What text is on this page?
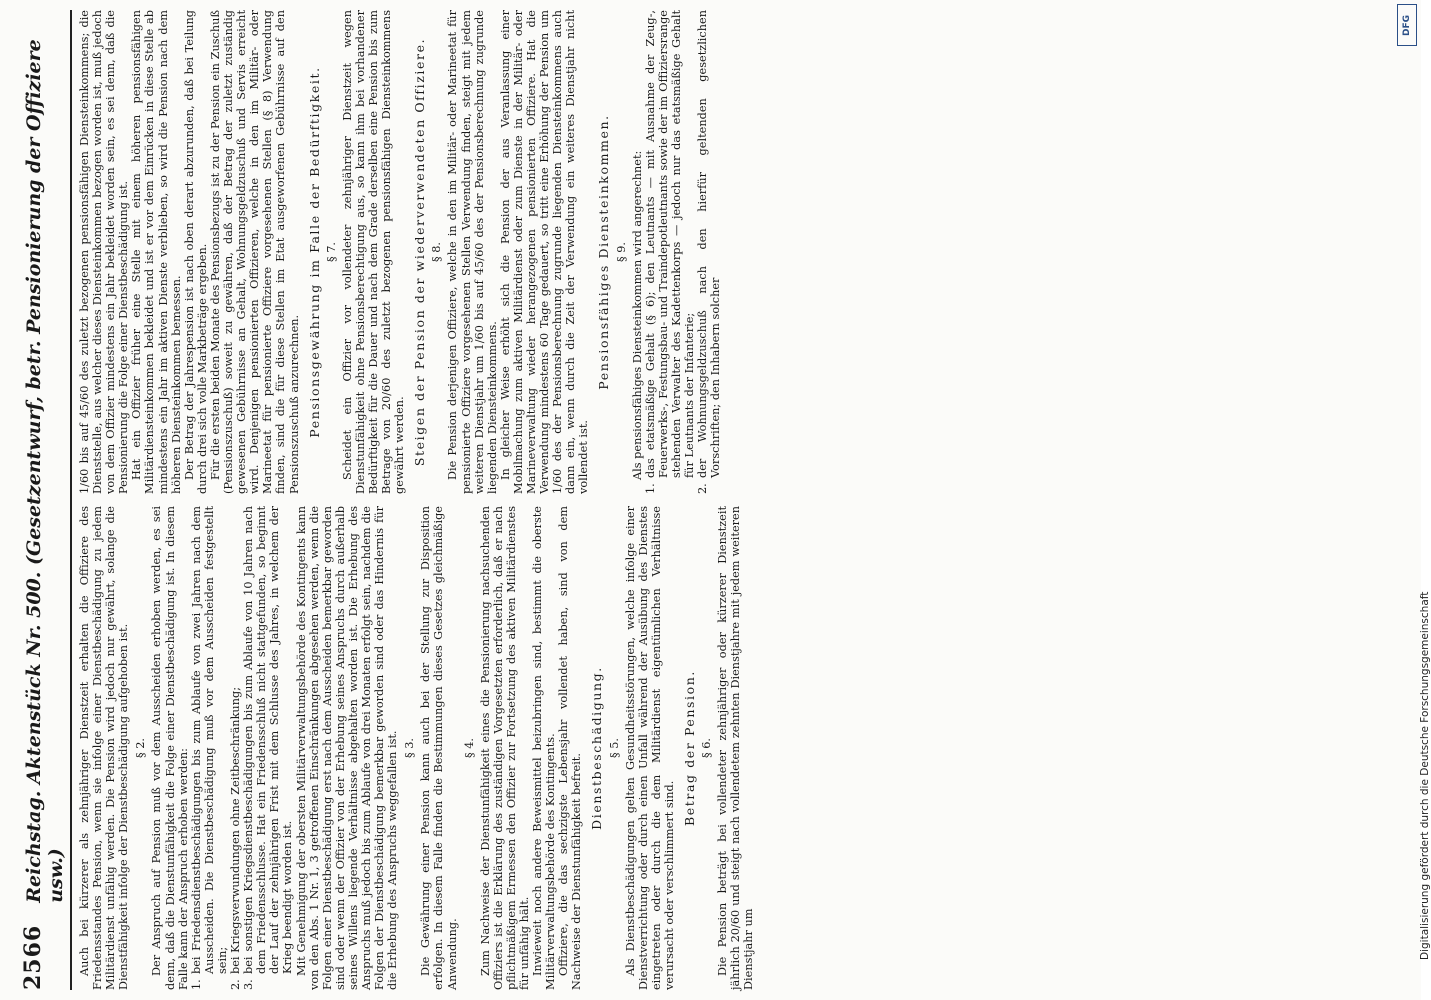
2566
Reichstag. Aktenstück Nr. 500. (Gesetzentwurf, betr. Pensionierung der Offiziere usw.) Auch bei kürzerer als zehnjähriger Dienstzeit erhalten die Offiziere des Friedensstandes Pension, wenn sie infolge einer Dienstbeschädigung zu jedem Militärdienst unfähig werden. Die Pension wird jedoch nur gewährt, solange die Dienstfähigkeit infolge der Dienstbeschädigung aufgehoben ist. § 2. Der Anspruch auf Pension muß vor dem Ausscheiden erhoben werden, es sei denn, daß die Dienstunfähigkeit die Folge einer Dienstbeschädigung ist. In diesem Falle kann der Anspruch erhoben werden: 1.
bei Friedensdienstbeschädigungen bis zum Ablaufe von zwei Jahren nach dem Ausscheiden. Die Dienstbeschädigung muß vor dem Ausscheiden festgestellt sein;

2.
bei Kriegsverwundungen ohne Zeitbeschränkung;

3.
bei sonstigen Kriegsdienstbeschädigungen bis zum Ablaufe von 10 Jahren nach dem Friedensschlusse. Hat ein Friedensschluß nicht stattgefunden, so beginnt der Lauf der zehnjährigen Frist mit dem Schlusse des Jahres, in welchem der Krieg beendigt worden ist. Mit Genehmigung der obersten Militärverwaltungsbehörde des Kontingents kann von den Abs. 1 Nr. 1, 3 getroffenen Einschränkungen abgesehen werden, wenn die Folgen einer Dienstbeschädigung erst nach dem Ausscheiden bemerkbar geworden sind oder wenn der Offizier von der Erhebung seines Anspruchs durch außerhalb seines Willens liegende Verhältnisse abgehalten worden ist. Die Erhebung des Anspruchs muß jedoch bis zum Ablaufe von drei Monaten erfolgt sein, nachdem die Folgen der Dienstbeschädigung bemerkbar geworden sind oder das Hindernis für die Erhebung des Anspruchs weggefallen ist. § 3. Die Gewährung einer Pension kann auch bei der Stellung zur Disposition erfolgen. In diesem Falle finden die Bestimmungen dieses Gesetzes gleichmäßige Anwendung.

§ 4. Zum Nachweise der Dienstunfähigkeit eines die Pensionierung nachsuchenden Offiziers ist die Erklärung des zuständigen Vorgesetzten erforderlich, daß er nach pflichtmäßigem Ermessen den Offizier zur Fortsetzung des aktiven Militärdienstes für unfähig hält. Inwieweit noch andere Beweismittel beizubringen sind, bestimmt die oberste Militärverwaltungsbehörde des Kontingents. Offiziere, die das sechzigste Lebensjahr vollendet haben, sind von dem Nachweise der Dienstunfähigkeit befreit.

Dienstbeschädigung. § 5. Als Dienstbeschädigungen gelten Gesundheitsstörungen, welche infolge einer Dienstverrichtung oder durch einen Unfall während der Ausübung des Dienstes eingetreten oder durch die dem Militärdienst eigentümlichen Verhältnisse verursacht oder verschlimmert sind.

Betrag der Pension. § 6. Die Pension beträgt bei vollendeter zehnjähriger oder kürzerer Dienstzeit jährlich 20/60 und steigt nach vollendetem zehnten Dienstjahre mit jedem weiteren Dienstjahr um

1/60 bis auf 45/60 des zuletzt bezogenen pensionsfähigen Diensteinkommens; die Dienststelle, aus welcher dieses Diensteinkommen bezogen worden ist, muß jedoch von dem Offizier mindestens ein Jahr bekleidet worden sein, es sei denn, daß die Pensionierung die Folge einer Dienstbeschädigung ist. Hat ein Offizier früher eine Stelle mit einem höheren pensionsfähigen Militärdiensteinkommen bekleidet und ist er vor dem Einrücken in diese Stelle ab mindestens ein Jahr im aktiven Dienste verblieben, so wird die Pension nach dem höheren Diensteinkommen bemessen. Der Betrag der Jahrespension ist nach oben derart abzurunden, daß bei Teilung durch drei sich volle Markbeträge ergeben. Für die ersten beiden Monate des Pensionsbezugs ist zu der Pension ein Zuschuß (Pensionszuschuß) soweit zu gewähren, daß der Betrag der zuletzt zuständig gewesenen Gebührnisse an Gehalt, Wohnungsgeldzuschuß und Servis erreicht wird. Denjenigen pensionierten Offizieren, welche in den im Militär- oder Marineetat für pensionierte Offiziere vorgesehenen Stellen (§ 8) Verwendung finden, sind die für diese Stellen im Etat ausgeworfenen Gebührnisse auf den Pensionszuschuß anzurechnen. Pensionsgewährung im Falle der Bedürftigkeit. § 7. Scheidet ein Offizier vor vollendeter zehnjähriger Dienstzeit wegen Dienstunfähigkeit ohne Pensionsberechtigung aus, so kann ihm bei vorhandener Bedürftigkeit für die Dauer und nach dem Grade derselben eine Pension bis zum Betrage von 20/60 des zuletzt bezogenen pensionsfähigen Diensteinkommens gewährt werden. Steigen der Pension der wiederverwendeten Offiziere. § 8. Die Pension derjenigen Offiziere, welche in den im Militär- oder Marineetat für pensionierte Offiziere vorgesehenen Stellen Verwendung finden, steigt mit jedem weiteren Dienstjahr um 1/60 bis auf 45/60 des der Pensionsberechnung zugrunde liegenden Diensteinkommens. In gleicher Weise erhöht sich die Pension der aus Veranlassung einer Mobilmachung zum aktiven Militärdienst oder zum Dienste in der Militär- oder Marineverwaltung wieder herangezogenen pensionierten Offiziere. Hat die Verwendung mindestens 60 Tage gedauert, so tritt eine Erhöhung der Pension um 1/60 des der Pensionsberechnung zugrunde liegenden Diensteinkommens auch dann ein, wenn durch die Zeit der Verwendung ein weiteres Dienstjahr nicht vollendet ist.

Pensionsfähiges Diensteinkommen. § 9. Als pensionsfähiges Diensteinkommen wird angerechnet:

1.
das etatsmäßige Gehalt (§ 6); den Leutnants — mit Ausnahme der Zeug-, Feuerwerks-, Festungsbau- und Traindepotleutnants sowie der im Offiziersrange stehenden Verwalter des Kadettenkorps — jedoch nur das etatsmäßige Gehalt für Leutnants der Infanterie;

2.
der Wohnungsgeldzuschuß nach den hierfür geltenden gesetzlichen Vorschriften; den Inhabern solcher

DFG
Digitalisierung gefördert durch die Deutsche Forschungsgemeinschaft
